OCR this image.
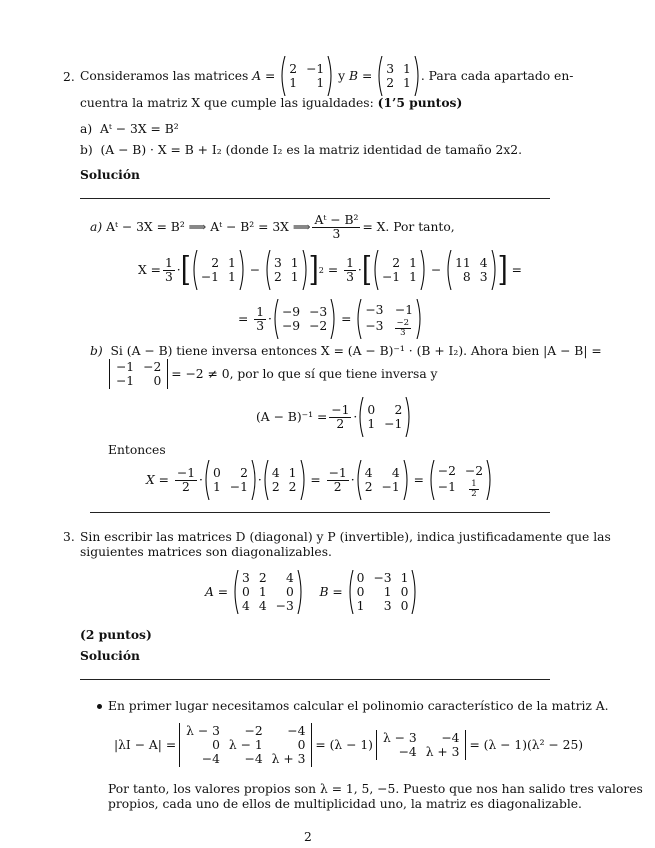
2. Consideramos las matrices
A = 2 −1
1	1

y
B = 3 1
2 1
. Para cada apartado en-
cuentra la matriz X que cumple las igualdades: (1’5 puntos)
a) Aᵗ − 3X = B²
b) (A − B) · X = B + I₂ (donde I₂ es la matriz identidad de tamaño 2x2.
Solución
a)
Aᵗ − 3X = B² ⟹ Aᵗ − B² = 3X ⟹ $\frac{\text{Aᵗ − B²}}{3} = X$. Por tanto,
$X = \frac{1}{3}$ · [	2 1
−1 1
− 3 1
2 1 ] $2 = \frac{1}{3}$ · [	2 1
−1 1
− 11 4
8 3 ] =
= $\frac{1}{3} \cdot -9 -3$
−9 −2
=
−3 −1
$-3 \frac{-2}{3}$
b) Si (A − B) tiene inversa entonces X = (A − B)⁻¹ · (B + I₂). Ahora bien |A − B| =
−1 −2
−1	0
= −2 ≠ 0, por lo que sí que tiene inversa y
$(A - B)^{-1} = \frac{-1}{2} \cdot 0$	2
1 −1
Entonces
$X = \frac{-1}{2} \cdot 0$	2
1 −1
· 4 1
2 2
= $\frac{-1}{2} \cdot 4$	4
2 −1
=
−2 −2
$-1 \frac{1}{2}$
3. Sin escribir las matrices D (diagonal) y P (invertible), indica justificadamente que las
siguientes matrices son diagonalizables.
A =

3 2	4
0 1	0
4 4 −3

B =

0 −3 1
0	1 0
1	3 0
(2 puntos)
Solución
En primer lugar necesitamos calcular el polinomio característico de la matriz A.
|λI − A| =
λ − 3	−2	−4
0 λ − 1	0
−4	−4 λ + 3
= (λ − 1) λ − 3	−4
−4 λ + 3
= (λ − 1)(λ² − 25)
Por tanto, los valores propios son λ = 1, 5, −5. Puesto que nos han salido tres valores
propios, cada uno de ellos de multiplicidad uno, la matriz es diagonalizable.
2
